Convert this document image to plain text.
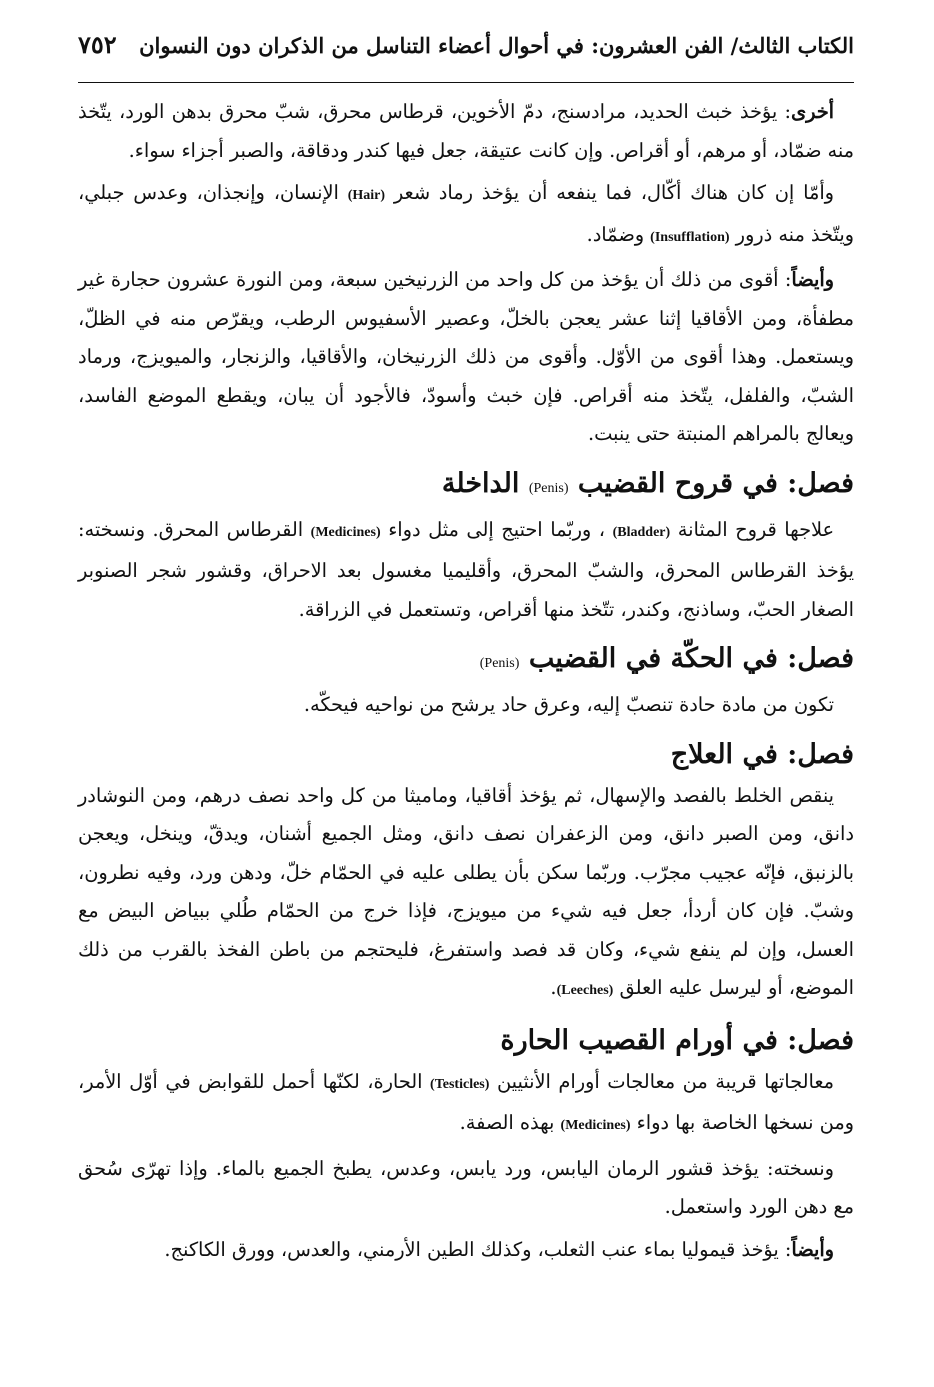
الكتاب الثالث/ الفن العشرون: في أحوال أعضاء التناسل من الذكران دون النسوان
٧٥٢

أخرى: يؤخذ خبث الحديد، مرادسنج، دمّ الأخوين، قرطاس محرق، شبّ محرق بدهن الورد، يتّخذ منه ضمّاد، أو مرهم، أو أقراص. وإن كانت عتيقة، جعل فيها كندر ودقاقة، والصبر أجزاء سواء.

وأمّا إن كان هناك أكّال، فما ينفعه أن يؤخذ رماد شعر (Hair) الإنسان، وإنجذان، وعدس جبلي، ويتّخذ منه ذرور (Insufflation) وضمّاد.

وأيضاً: أقوى من ذلك أن يؤخذ من كل واحد من الزرنيخين سبعة، ومن النورة عشرون حجارة غير مطفأة، ومن الأقاقيا إثنا عشر يعجن بالخلّ، وعصير الأسفيوس الرطب، ويقرّص منه في الظلّ، ويستعمل. وهذا أقوى من الأوّل. وأقوى من ذلك الزرنيخان، والأقاقيا، والزنجار، والميويزج، ورماد الشبّ، والفلفل، يتّخذ منه أقراص. فإن خبث وأسودّ، فالأجود أن يبان، ويقطع الموضع الفاسد، ويعالج بالمراهم المنبتة حتى ينبت.

فصل: في قروح القضيب (Penis) الداخلة

علاجها قروح المثانة (Bladder) ، وربّما احتيج إلى مثل دواء (Medicines) القرطاس المحرق. ونسخته: يؤخذ القرطاس المحرق، والشبّ المحرق، وأقليميا مغسول بعد الاحراق، وقشور شجر الصنوبر الصغار الحبّ، وساذنج، وكندر، تتّخذ منها أقراص، وتستعمل في الزراقة.

فصل: في الحكّة في القضيب (Penis)

تكون من مادة حادة تنصبّ إليه، وعرق حاد يرشح من نواحيه فيحكّه.

فصل: في العلاج

ينقص الخلط بالفصد والإسهال، ثم يؤخذ أقاقيا، وماميثا من كل واحد نصف درهم، ومن النوشادر دانق، ومن الصبر دانق، ومن الزعفران نصف دانق، ومثل الجميع أشنان، ويدقّ، وينخل، ويعجن بالزنبق، فإنّه عجيب مجرّب. وربّما سكن بأن يطلى عليه في الحمّام خلّ، ودهن ورد، وفيه نطرون، وشبّ. فإن كان أردأ، جعل فيه شيء من ميويزج، فإذا خرج من الحمّام طُلي ببياض البيض مع العسل، وإن لم ينفع شيء، وكان قد فصد واستفرغ، فليحتجم من باطن الفخذ بالقرب من ذلك الموضع، أو ليرسل عليه العلق (Leeches).

فصل: في أورام القصيب الحارة

معالجاتها قريبة من معالجات أورام الأنثيين (Testicles) الحارة، لكنّها أحمل للقوابض في أوّل الأمر، ومن نسخها الخاصة بها دواء (Medicines) بهذه الصفة.

ونسخته: يؤخذ قشور الرمان اليابس، ورد يابس، وعدس، يطبخ الجميع بالماء. وإذا تهرّى سُحق مع دهن الورد واستعمل.

وأيضاً: يؤخذ قيموليا بماء عنب الثعلب، وكذلك الطين الأرمني، والعدس، وورق الكاكنج.
